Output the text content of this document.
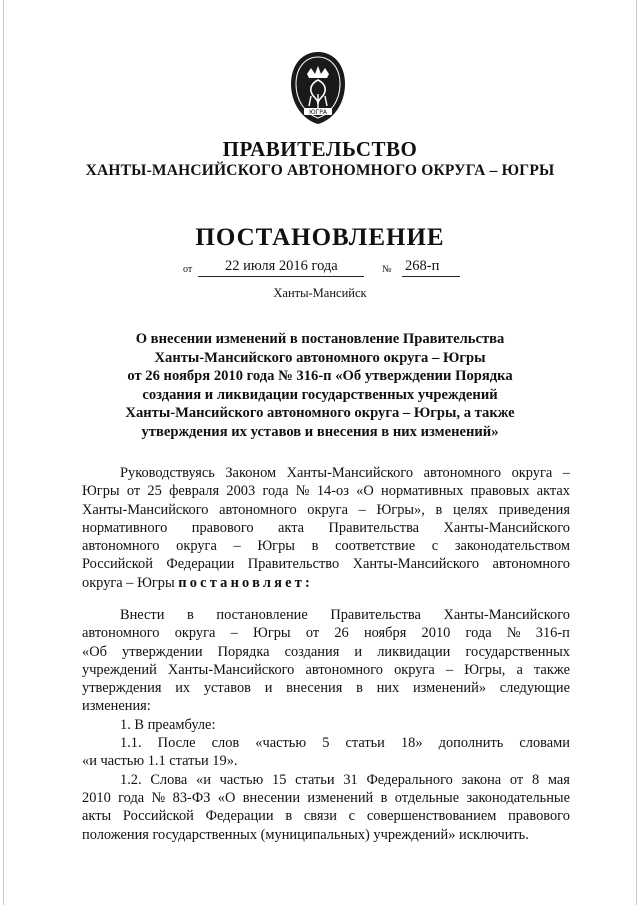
ЮГРА
ПРАВИТЕЛЬСТВО
ХАНТЫ-МАНСИЙСКОГО АВТОНОМНОГО ОКРУГА – ЮГРЫ
ПОСТАНОВЛЕНИЕ
от 22 июля 2016 года	№ 268-п
Ханты-Мансийск
О внесении изменений в постановление Правительства
Ханты-Мансийского автономного округа – Югры
от 26 ноября 2010 года № 316-п «Об утверждении Порядка
создания и ликвидации государственных учреждений
Ханты-Мансийского автономного округа – Югры, а также
утверждения их уставов и внесения в них изменений»
Руководствуясь Законом Ханты-Мансийского автономного округа –
Югры от 25 февраля 2003 года № 14-оз «О нормативных правовых актах
Ханты-Мансийского автономного округа – Югры», в целях приведения
нормативного правового акта Правительства Ханты-Мансийского
автономного округа – Югры в соответствие с законодательством
Российской Федерации Правительство Ханты-Мансийского автономного
округа – Югры
постановляет:
Внести в постановление Правительства Ханты-Мансийского
автономного округа – Югры от 26 ноября 2010 года № 316-п
«Об утверждении Порядка создания и ликвидации государственных
учреждений Ханты-Мансийского автономного округа – Югры, а также
утверждения их уставов и внесения в них изменений» следующие
изменения:
1. В преамбуле:
1.1. После слов «частью 5 статьи 18» дополнить словами
«и частью 1.1 статьи 19».
1.2. Слова «и частью 15 статьи 31 Федерального закона от 8 мая
2010 года № 83-ФЗ «О внесении изменений в отдельные законодательные
акты Российской Федерации в связи с совершенствованием правового
положения государственных (муниципальных) учреждений» исключить.
